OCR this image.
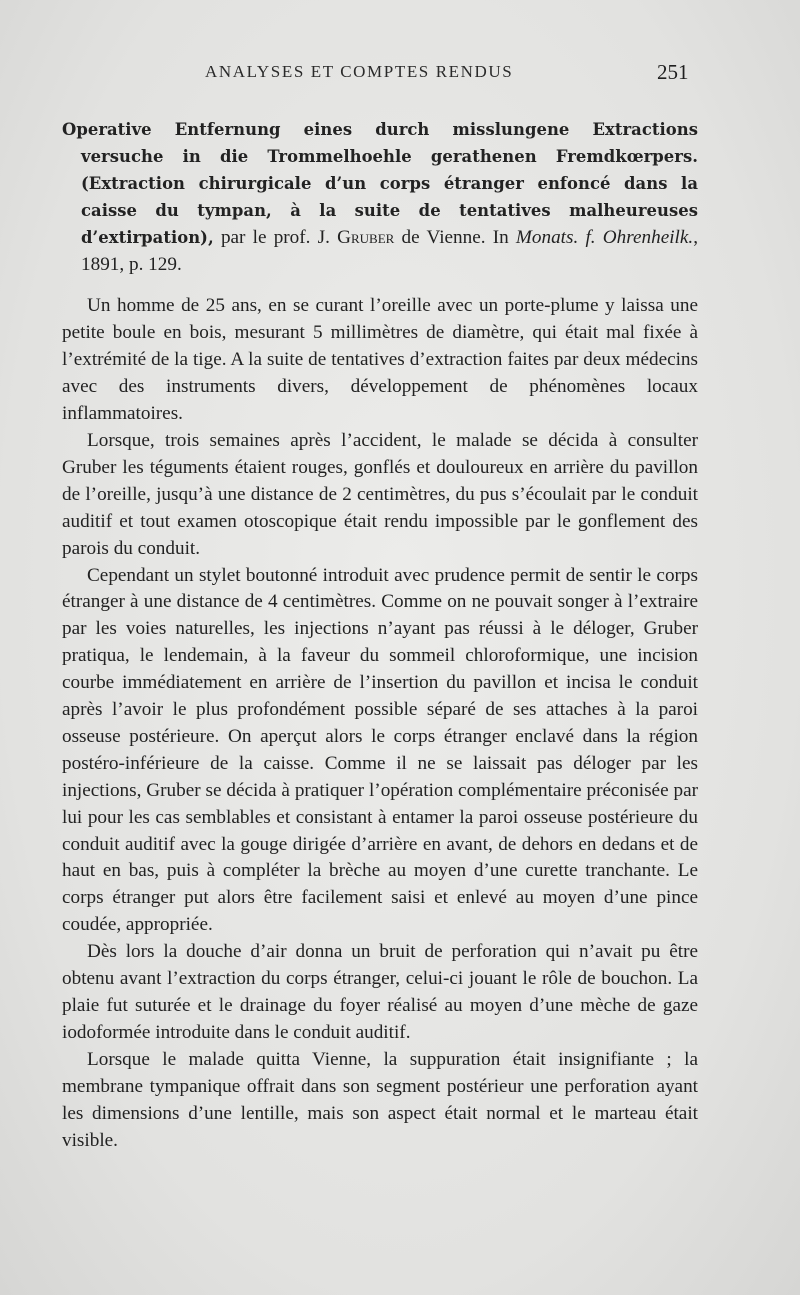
ANALYSES ET COMPTES RENDUS	251

Operative Entfernung eines durch misslungene Extractions versuche in die Trommelhoehle gerathenen Fremdkœrpers. (Extraction chirurgicale d’un corps étranger enfoncé dans la caisse du tympan, à la suite de tentatives malheureuses d’extirpation), par le prof. J. Gruber de Vienne. In Monats. f. Ohrenheilk., 1891, p. 129.

Un homme de 25 ans, en se curant l’oreille avec un porte-plume y laissa une petite boule en bois, mesurant 5 millimètres de diamètre, qui était mal fixée à l’extrémité de la tige. A la suite de tentatives d’extraction faites par deux médecins avec des instruments divers, développement de phénomènes locaux inflammatoires.

Lorsque, trois semaines après l’accident, le malade se décida à consulter Gruber les téguments étaient rouges, gonflés et douloureux en arrière du pavillon de l’oreille, jusqu’à une distance de 2 centimètres, du pus s’écoulait par le conduit auditif et tout examen otoscopique était rendu impossible par le gonflement des parois du conduit.

Cependant un stylet boutonné introduit avec prudence permit de sentir le corps étranger à une distance de 4 centimètres. Comme on ne pouvait songer à l’extraire par les voies naturelles, les injections n’ayant pas réussi à le déloger, Gruber pratiqua, le lendemain, à la faveur du sommeil chloroformique, une incision courbe immédiatement en arrière de l’insertion du pavillon et incisa le conduit après l’avoir le plus profondément possible séparé de ses attaches à la paroi osseuse postérieure. On aperçut alors le corps étranger enclavé dans la région postéro-inférieure de la caisse. Comme il ne se laissait pas déloger par les injections, Gruber se décida à pratiquer l’opération complémentaire préconisée par lui pour les cas semblables et consistant à entamer la paroi osseuse postérieure du conduit auditif avec la gouge dirigée d’arrière en avant, de dehors en dedans et de haut en bas, puis à compléter la brèche au moyen d’une curette tranchante. Le corps étranger put alors être facilement saisi et enlevé au moyen d’une pince coudée, appropriée.

Dès lors la douche d’air donna un bruit de perforation qui n’avait pu être obtenu avant l’extraction du corps étranger, celui-ci jouant le rôle de bouchon. La plaie fut suturée et le drainage du foyer réalisé au moyen d’une mèche de gaze iodoformée introduite dans le conduit auditif.

Lorsque le malade quitta Vienne, la suppuration était insignifiante ; la membrane tympanique offrait dans son segment postérieur une perforation ayant les dimensions d’une lentille, mais son aspect était normal et le marteau était visible.
